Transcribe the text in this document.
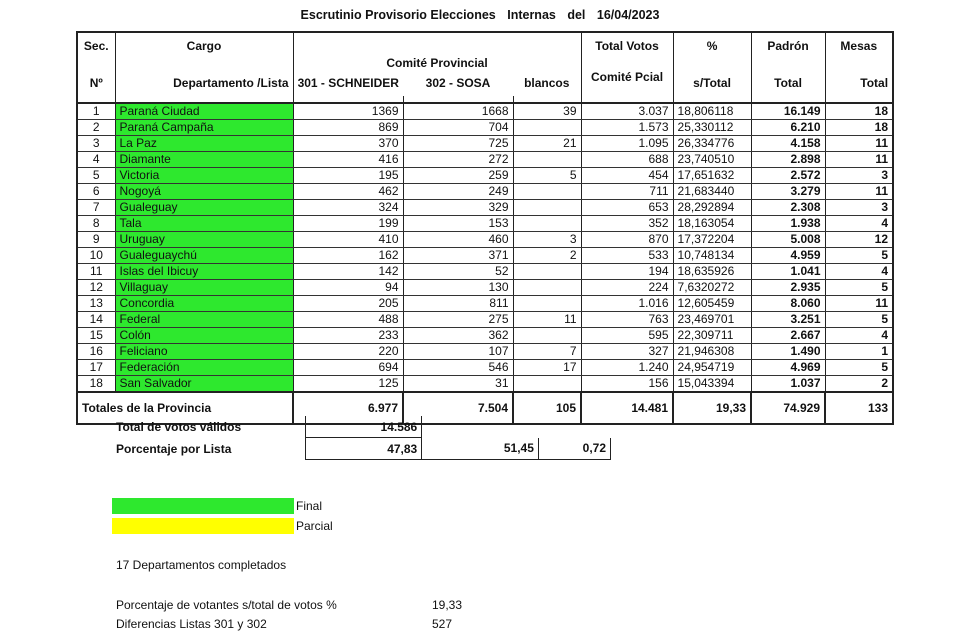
Escrutinio Provisorio Elecciones Internas del 16/04/2023
Sec.	Cargo	Comité Provincial			Total Votos	%	Padrón	Mesas
Nº	Departamento /Lista	301 - SCHNEIDER	302 - SOSA	blancos	Comité Pcial	s/Total	Total	Total

1	Paraná Ciudad	1369	1668	39	3.037	18,806118	16.149	18
2	Paraná Campaña	869	704		1.573	25,330112	6.210	18
3	La Paz	370	725	21	1.095	26,334776	4.158	11
4	Diamante	416	272		688	23,740510	2.898	11
5	Victoria	195	259	5	454	17,651632	2.572	3
6	Nogoyá	462	249		711	21,683440	3.279	11
7	Gualeguay	324	329		653	28,292894	2.308	3
8	Tala	199	153		352	18,163054	1.938	4
9	Uruguay	410	460	3	870	17,372204	5.008	12
10	Gualeguaychú	162	371	2	533	10,748134	4.959	5
11	Islas del Ibicuy	142	52		194	18,635926	1.041	4
12	Villaguay	94	130		224	7,6320272	2.935	5
13	Concordia	205	811		1.016	12,605459	8.060	11
14	Federal	488	275	11	763	23,469701	3.251	5
15	Colón	233	362		595	22,309711	2.667	4
16	Feliciano	220	107	7	327	21,946308	1.490	1
17	Federación	694	546	17	1.240	24,954719	4.969	5
18	San Salvador	125	31		156	15,043394	1.037	2
Totales de la Provincia		6.977	7.504	105	14.481	19,33	74.929	133
Total de votos válidos	14.586		
Porcentaje por Lista	47,83	51,45	0,72
Final
Parcial
17 Departamentos completados
Porcentaje de votantes s/total de votos %	19,33
Diferencias Listas 301 y 302	527
